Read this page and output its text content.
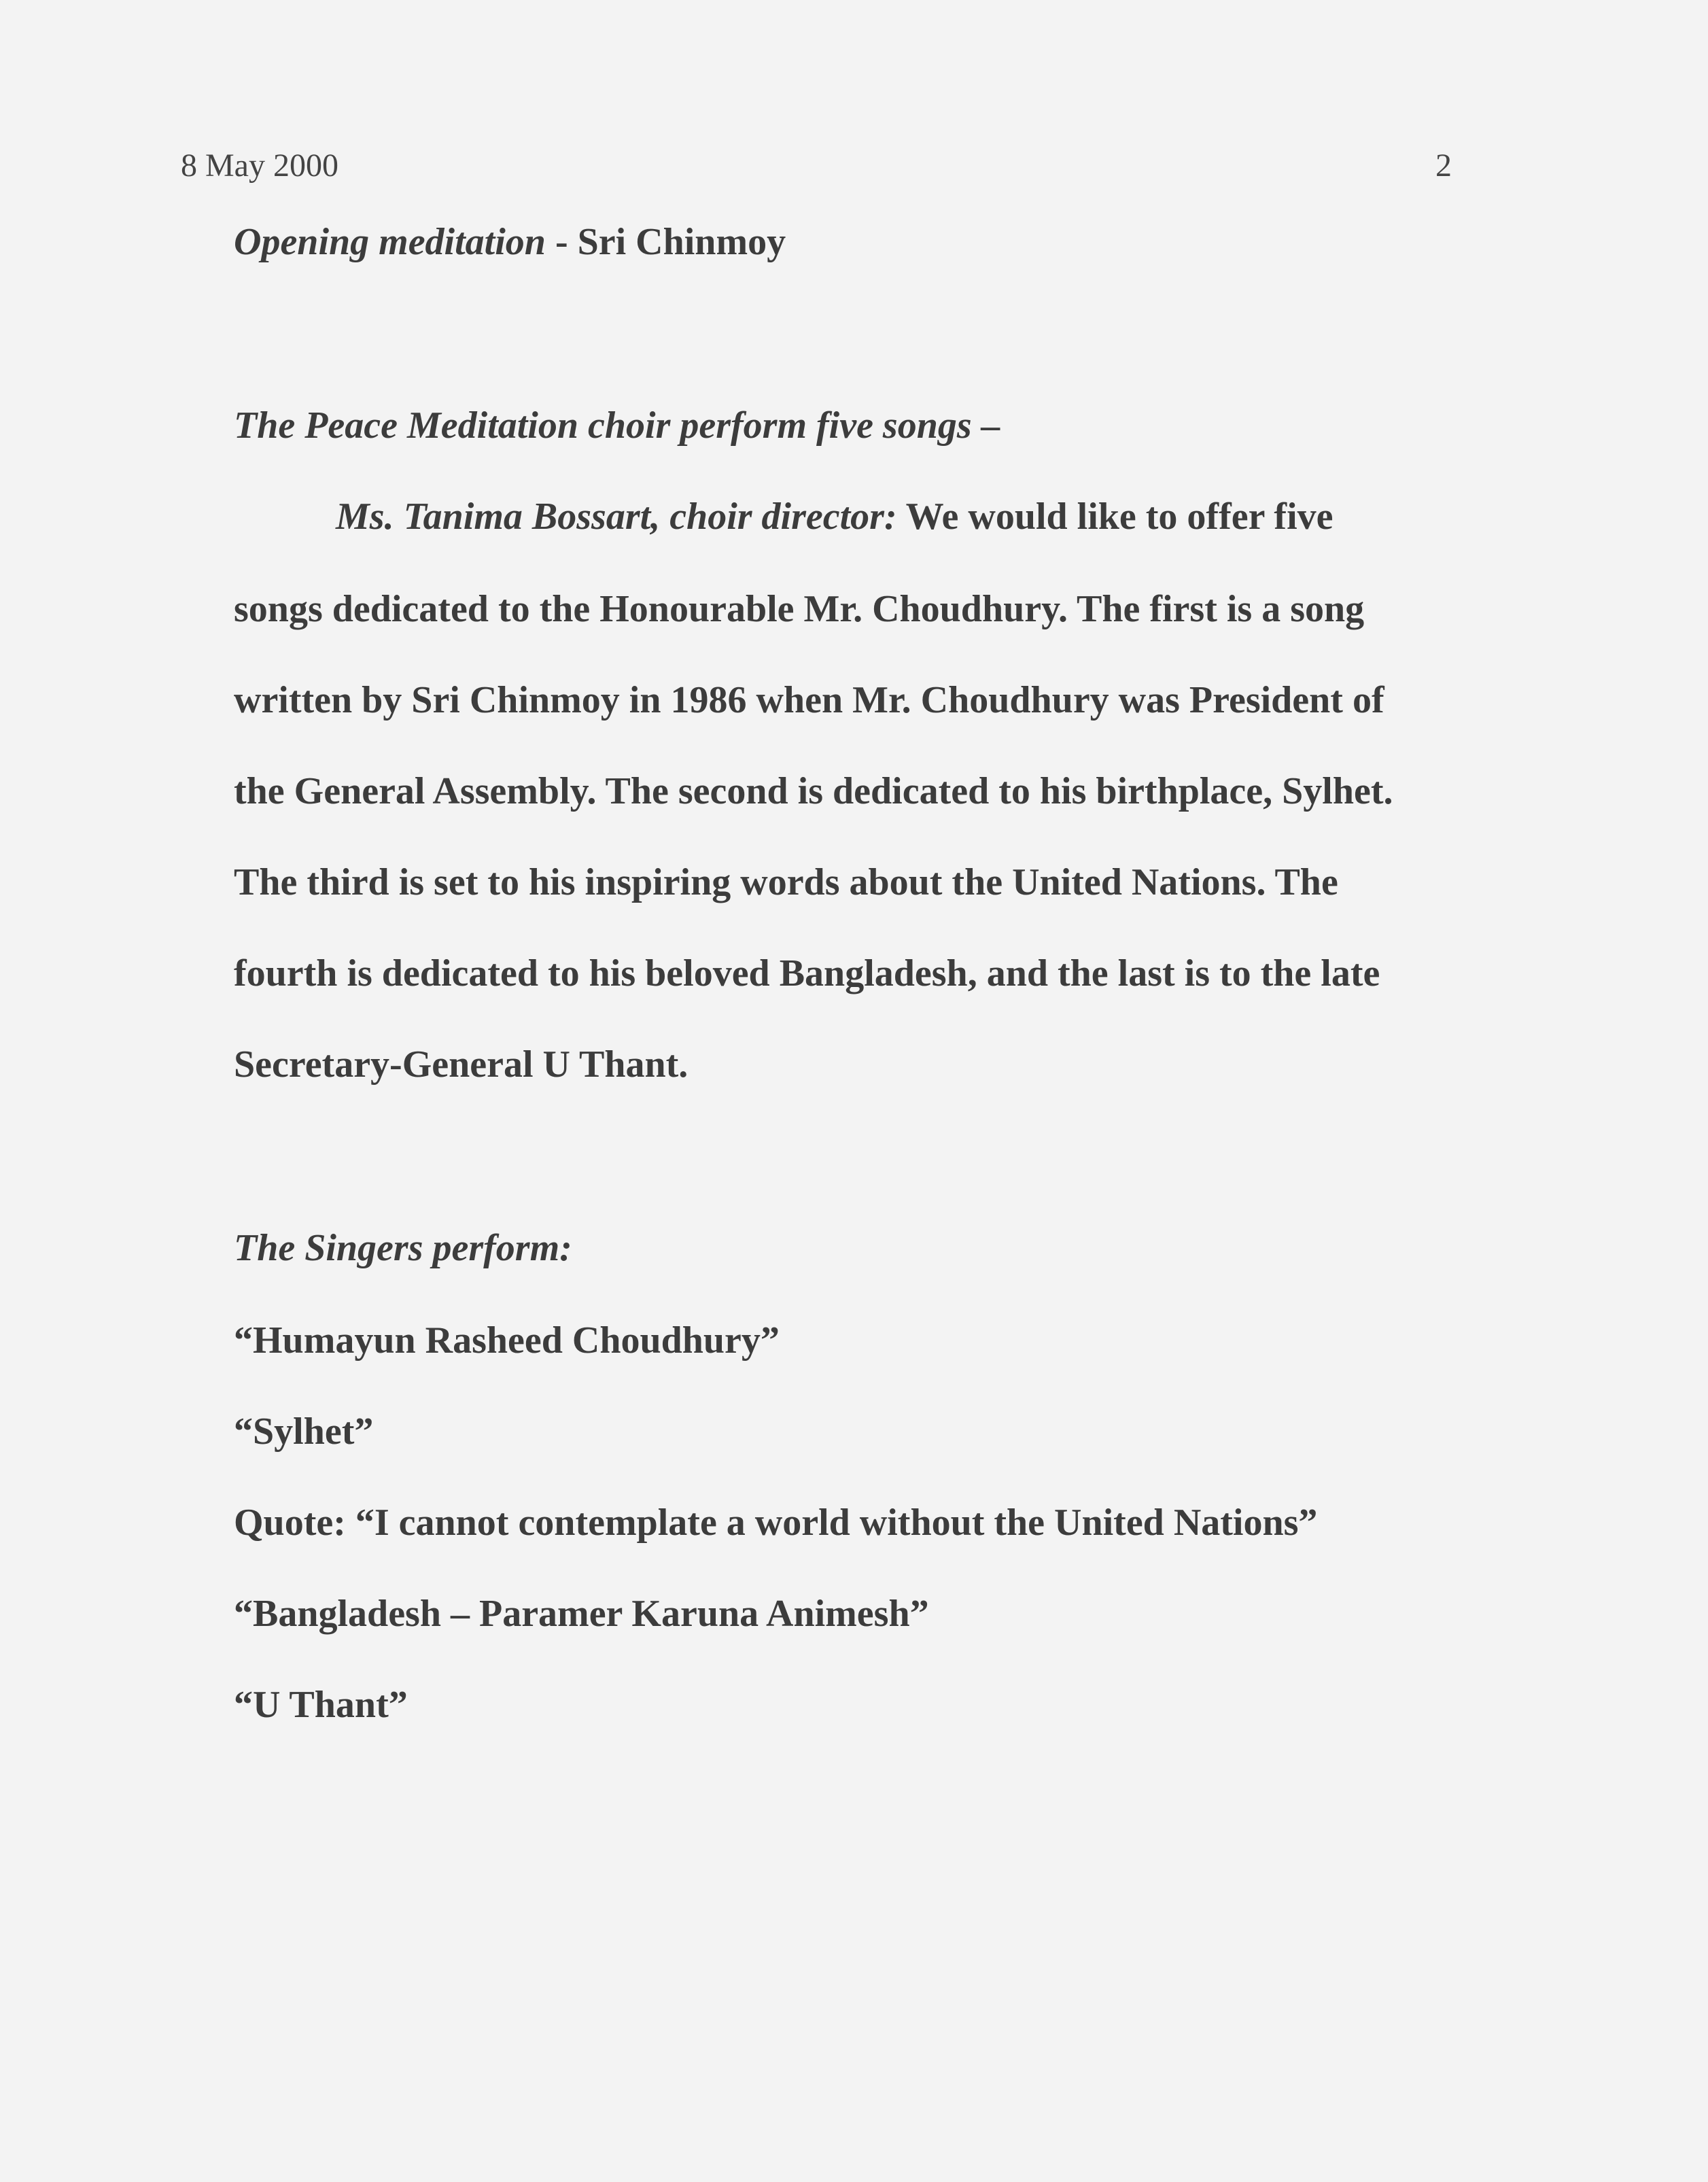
8 May 2000	2
Opening meditation - Sri Chinmoy
The Peace Meditation choir perform five songs –
Ms. Tanima Bossart, choir director: We would like to offer five
songs dedicated to the Honourable Mr. Choudhury. The first is a song
written by Sri Chinmoy in 1986 when Mr. Choudhury was President of
the General Assembly. The second is dedicated to his birthplace, Sylhet.
The third is set to his inspiring words about the United Nations. The
fourth is dedicated to his beloved Bangladesh, and the last is to the late
Secretary-General U Thant.
The Singers perform:
“Humayun Rasheed Choudhury”
“Sylhet”
Quote: “I cannot contemplate a world without the United Nations”
“Bangladesh – Paramer Karuna Animesh”
“U Thant”
